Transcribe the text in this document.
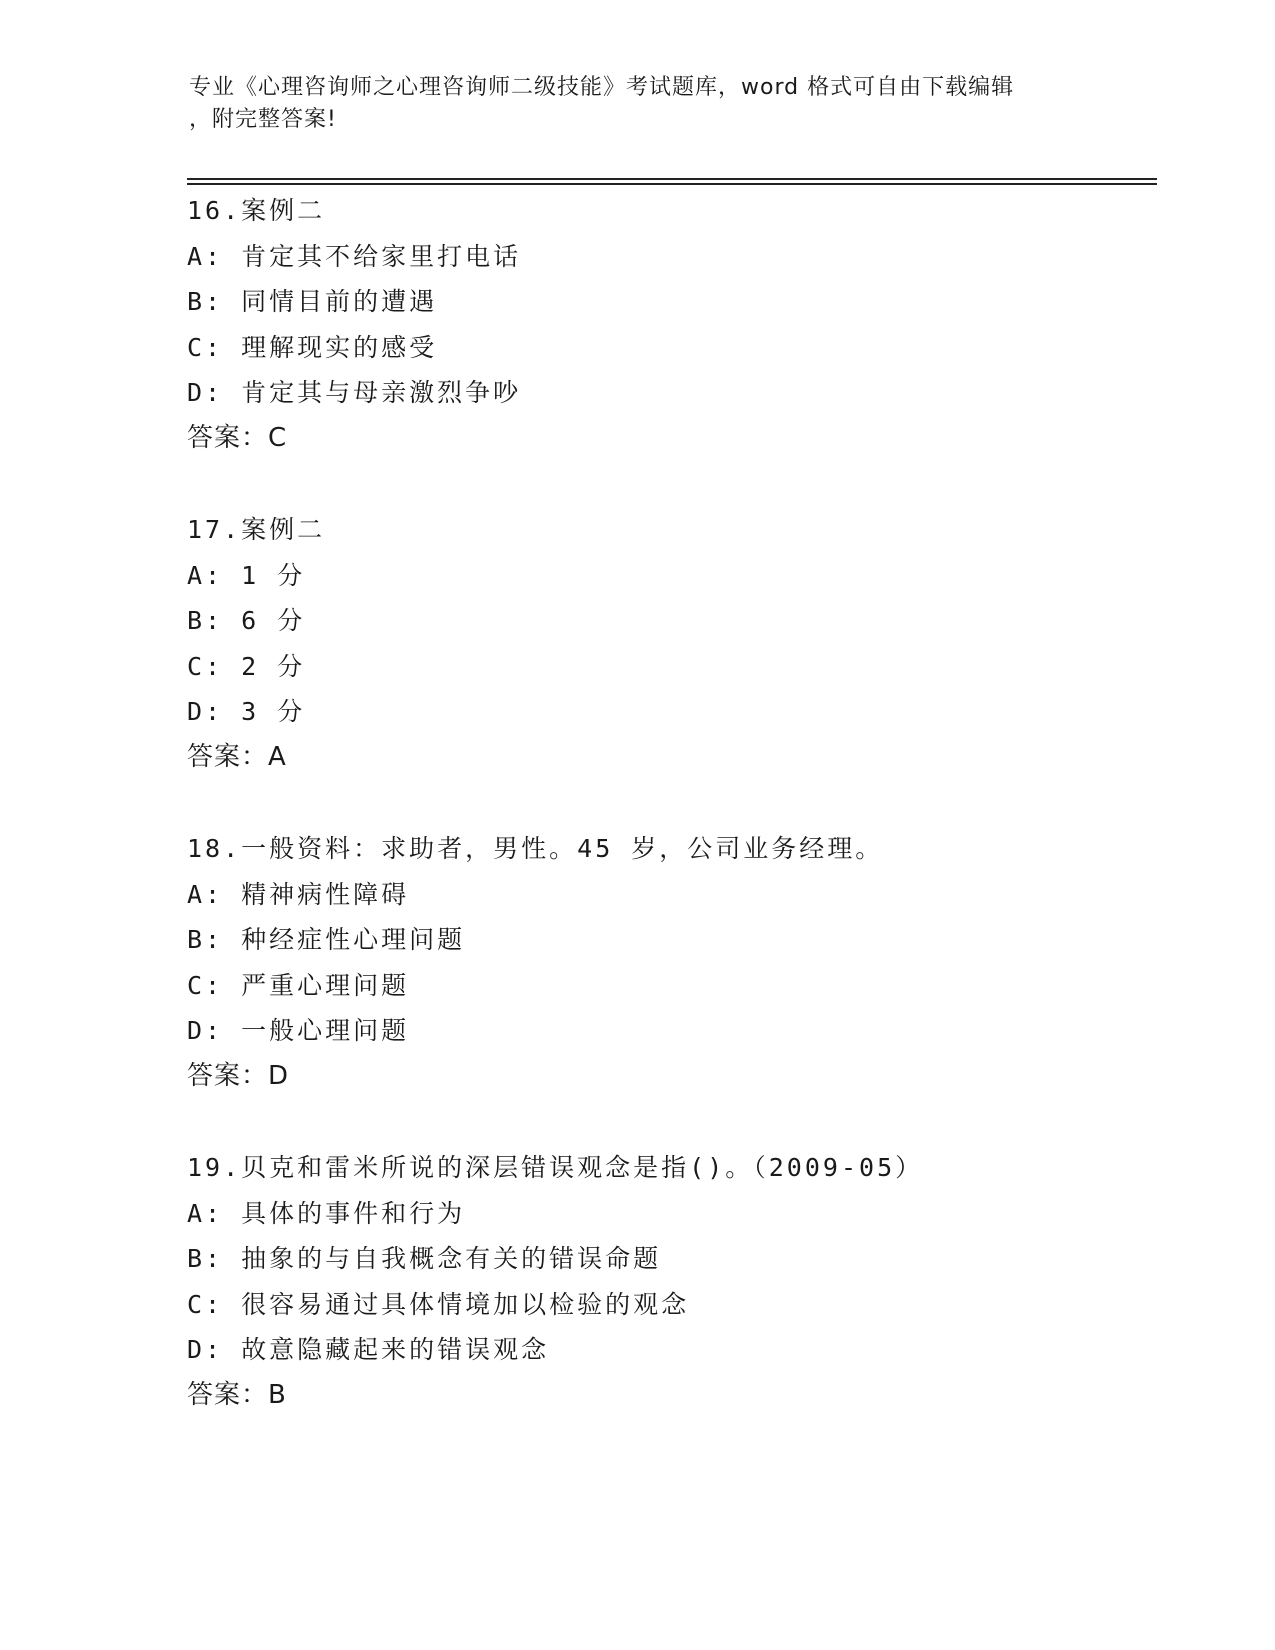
专业《心理咨询师之心理咨询师二级技能》考试题库，word 格式可自由下载编辑
，附完整答案!
16.案例二
A: 肯定其不给家里打电话
B: 同情目前的遭遇
C: 理解现实的感受
D: 肯定其与母亲激烈争吵
答案：C
17.案例二
A: 1 分
B: 6 分
C: 2 分
D: 3 分
答案：A
18.一般资料：求助者，男性。45 岁，公司业务经理。
A: 精神病性障碍
B: 种经症性心理问题
C: 严重心理问题
D: 一般心理问题
答案：D
19.贝克和雷米所说的深层错误观念是指()。（2009-05）
A: 具体的事件和行为
B: 抽象的与自我概念有关的错误命题
C: 很容易通过具体情境加以检验的观念
D: 故意隐藏起来的错误观念
答案：B
